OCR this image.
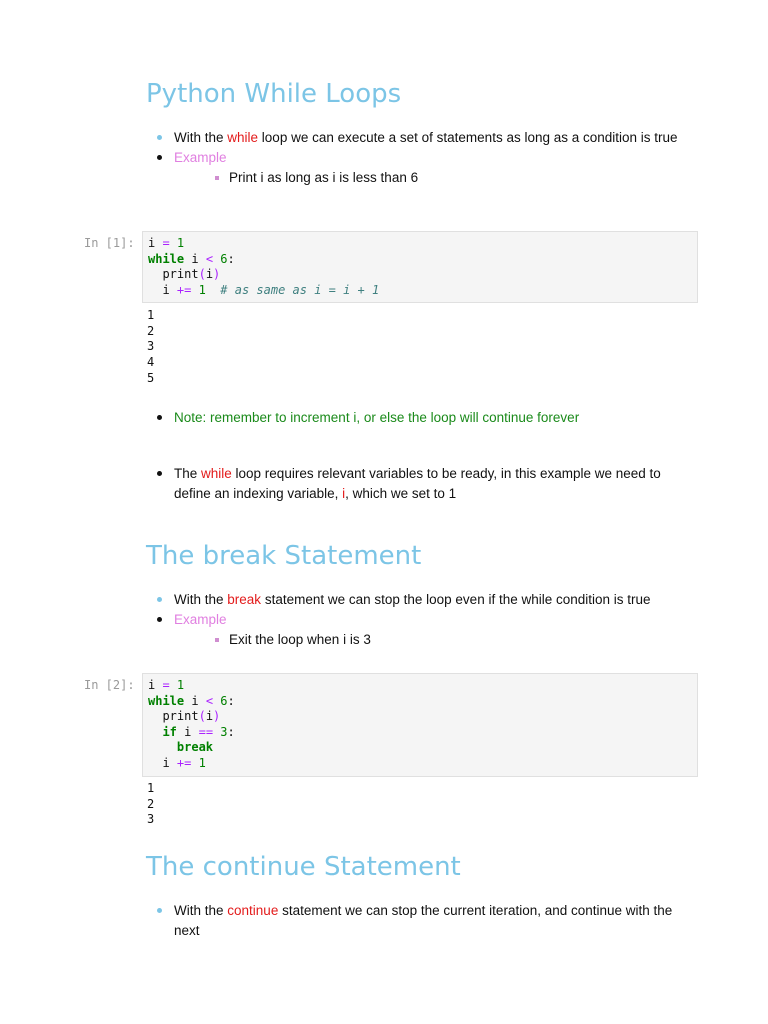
Python While Loops
With the while loop we can execute a set of statements as long as a condition is true
Example
Print i as long as i is less than 6
In [1]: i = 1
while i < 6:
print(i)
i += 1 # as same as i = i + 1
1
2
3
4
5
Note: remember to increment i, or else the loop will continue forever
The while loop requires relevant variables to be ready, in this example we need to define an indexing variable, i, which we set to 1
The break Statement
With the break statement we can stop the loop even if the while condition is true
Example
Exit the loop when i is 3
In [2]: i = 1
while i < 6:
print(i)
if i == 3:
break
i += 1
1
2
3
The continue Statement
With the continue statement we can stop the current iteration, and continue with the next
